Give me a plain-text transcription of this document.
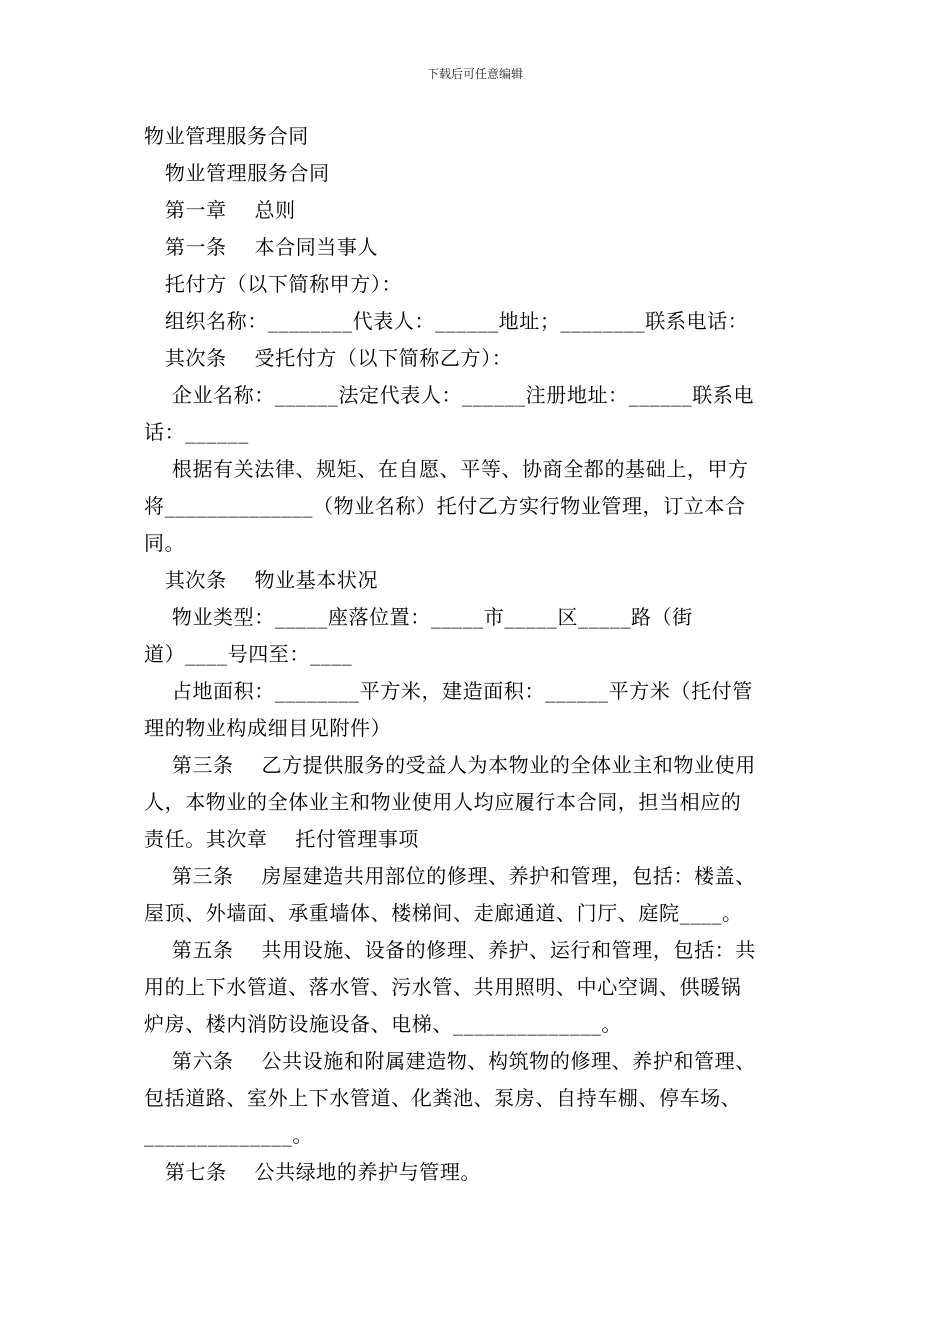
下载后可任意编辑

物业管理服务合同

物业管理服务合同

第一章    总则

第一条    本合同当事人

托付方（以下简称甲方）：

组织名称：________代表人：______地址；________联系电话：

其次条    受托付方（以下简称乙方）：

企业名称：______法定代表人：______注册地址：______联系电

话：______

根据有关法律、规矩、在自愿、平等、协商全都的基础上，甲方

将______________（物业名称）托付乙方实行物业管理，订立本合

同。

其次条    物业基本状况

物业类型：_____座落位置：_____市_____区_____路（街

道）____号四至：____

占地面积：________平方米，建造面积：______平方米（托付管

理的物业构成细目见附件）

第三条    乙方提供服务的受益人为本物业的全体业主和物业使用

人，本物业的全体业主和物业使用人均应履行本合同，担当相应的

责任。其次章    托付管理事项

第三条    房屋建造共用部位的修理、养护和管理，包括：楼盖、

屋顶、外墙面、承重墙体、楼梯间、走廊通道、门厅、庭院____。

第五条    共用设施、设备的修理、养护、运行和管理，包括：共

用的上下水管道、落水管、污水管、共用照明、中心空调、供暖锅

炉房、楼内消防设施设备、电梯、______________。

第六条    公共设施和附属建造物、构筑物的修理、养护和管理、

包括道路、室外上下水管道、化粪池、泵房、自持车棚、停车场、

______________。

第七条    公共绿地的养护与管理。
